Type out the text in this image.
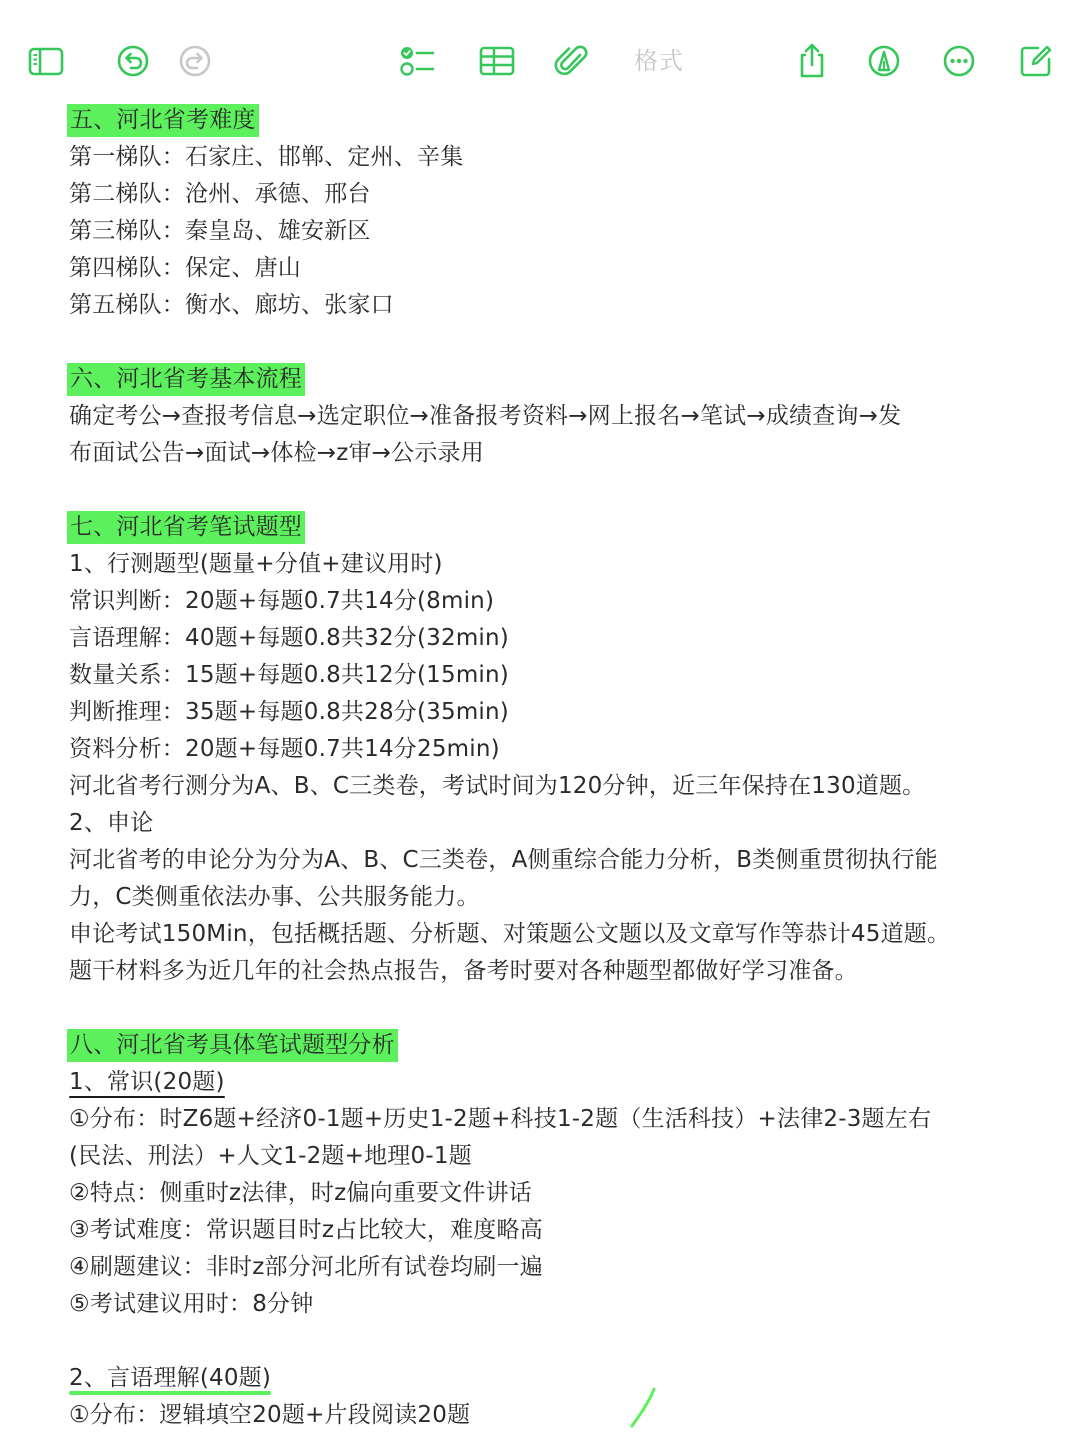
格式
五、河北省考难度
第一梯队：石家庄、邯郸、定州、辛集
第二梯队：沧州、承德、邢台
第三梯队：秦皇岛、雄安新区
第四梯队：保定、唐山
第五梯队：衡水、廊坊、张家口
六、河北省考基本流程
确定考公→查报考信息→选定职位→准备报考资料→网上报名→笔试→成绩查询→发
布面试公告→面试→体检→z审→公示录用
七、河北省考笔试题型
1、行测题型(题量+分值+建议用时)
常识判断：20题+每题0.7共14分(8min)
言语理解：40题+每题0.8共32分(32min)
数量关系：15题+每题0.8共12分(15min)
判断推理：35题+每题0.8共28分(35min)
资料分析：20题+每题0.7共14分25min)
河北省考行测分为A、B、C三类卷，考试时间为120分钟，近三年保持在130道题。
2、申论
河北省考的申论分为分为A、B、C三类卷，A侧重综合能力分析，B类侧重贯彻执行能
力，C类侧重依法办事、公共服务能力。
申论考试150Min，包括概括题、分析题、对策题公文题以及文章写作等恭计45道题。
题干材料多为近几年的社会热点报告，备考时要对各种题型都做好学习准备。
八、河北省考具体笔试题型分析
1、常识(20题)
①分布：时Z6题+经济0-1题+历史1-2题+科技1-2题（生活科技）+法律2-3题左右
(民法、刑法）+人文1-2题+地理0-1题
②特点：侧重时z法律，时z偏向重要文件讲话
③考试难度：常识题目时z占比较大，难度略高
④刷题建议：非时z部分河北所有试卷均刷一遍
⑤考试建议用时：8分钟
2、言语理解(40题)
①分布：逻辑填空20题+片段阅读20题
